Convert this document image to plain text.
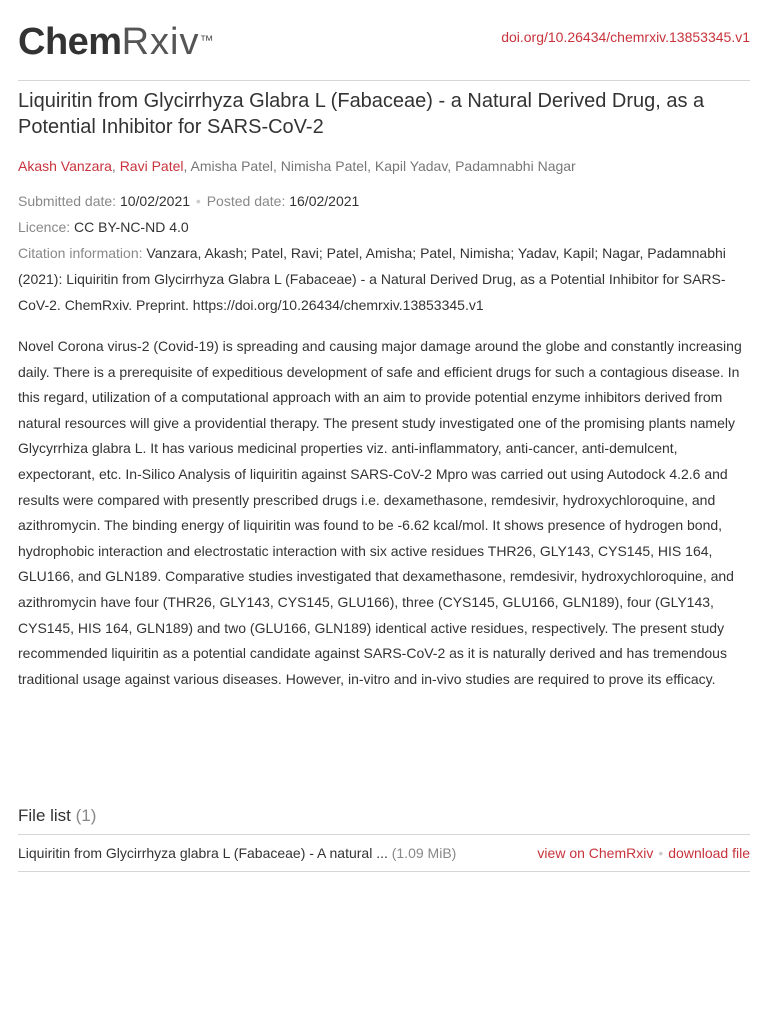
ChemRxiv™	doi.org/10.26434/chemrxiv.13853345.v1
Liquiritin from Glycirrhyza Glabra L (Fabaceae) - a Natural Derived Drug, as a Potential Inhibitor for SARS-CoV-2
Akash Vanzara, Ravi Patel, Amisha Patel, Nimisha Patel, Kapil Yadav, Padamnabhi Nagar
Submitted date: 10/02/2021 • Posted date: 16/02/2021
Licence: CC BY-NC-ND 4.0
Citation information: Vanzara, Akash; Patel, Ravi; Patel, Amisha; Patel, Nimisha; Yadav, Kapil; Nagar, Padamnabhi (2021): Liquiritin from Glycirrhyza Glabra L (Fabaceae) - a Natural Derived Drug, as a Potential Inhibitor for SARS-CoV-2. ChemRxiv. Preprint. https://doi.org/10.26434/chemrxiv.13853345.v1

Novel Corona virus-2 (Covid-19) is spreading and causing major damage around the globe and constantly increasing daily. There is a prerequisite of expeditious development of safe and efficient drugs for such a contagious disease. In this regard, utilization of a computational approach with an aim to provide potential enzyme inhibitors derived from natural resources will give a providential therapy. The present study investigated one of the promising plants namely Glycyrrhiza glabra L. It has various medicinal properties viz. anti-inflammatory, anti-cancer, anti-demulcent, expectorant, etc. In-Silico Analysis of liquiritin against SARS-CoV-2 Mpro was carried out using Autodock 4.2.6 and results were compared with presently prescribed drugs i.e. dexamethasone, remdesivir, hydroxychloroquine, and azithromycin. The binding energy of liquiritin was found to be -6.62 kcal/mol. It shows presence of hydrogen bond, hydrophobic interaction and electrostatic interaction with six active residues THR26, GLY143, CYS145, HIS 164, GLU166, and GLN189. Comparative studies investigated that dexamethasone, remdesivir, hydroxychloroquine, and azithromycin have four (THR26, GLY143, CYS145, GLU166), three (CYS145, GLU166, GLN189), four (GLY143, CYS145, HIS 164, GLN189) and two (GLU166, GLN189) identical active residues, respectively. The present study recommended liquiritin as a potential candidate against SARS-CoV-2 as it is naturally derived and has tremendous traditional usage against various diseases. However, in-vitro and in-vivo studies are required to prove its efficacy.

File list (1)
Liquiritin from Glycirrhyza glabra L (Fabaceae) - A natural ... (1.09 MiB)	view on ChemRxiv • download file
